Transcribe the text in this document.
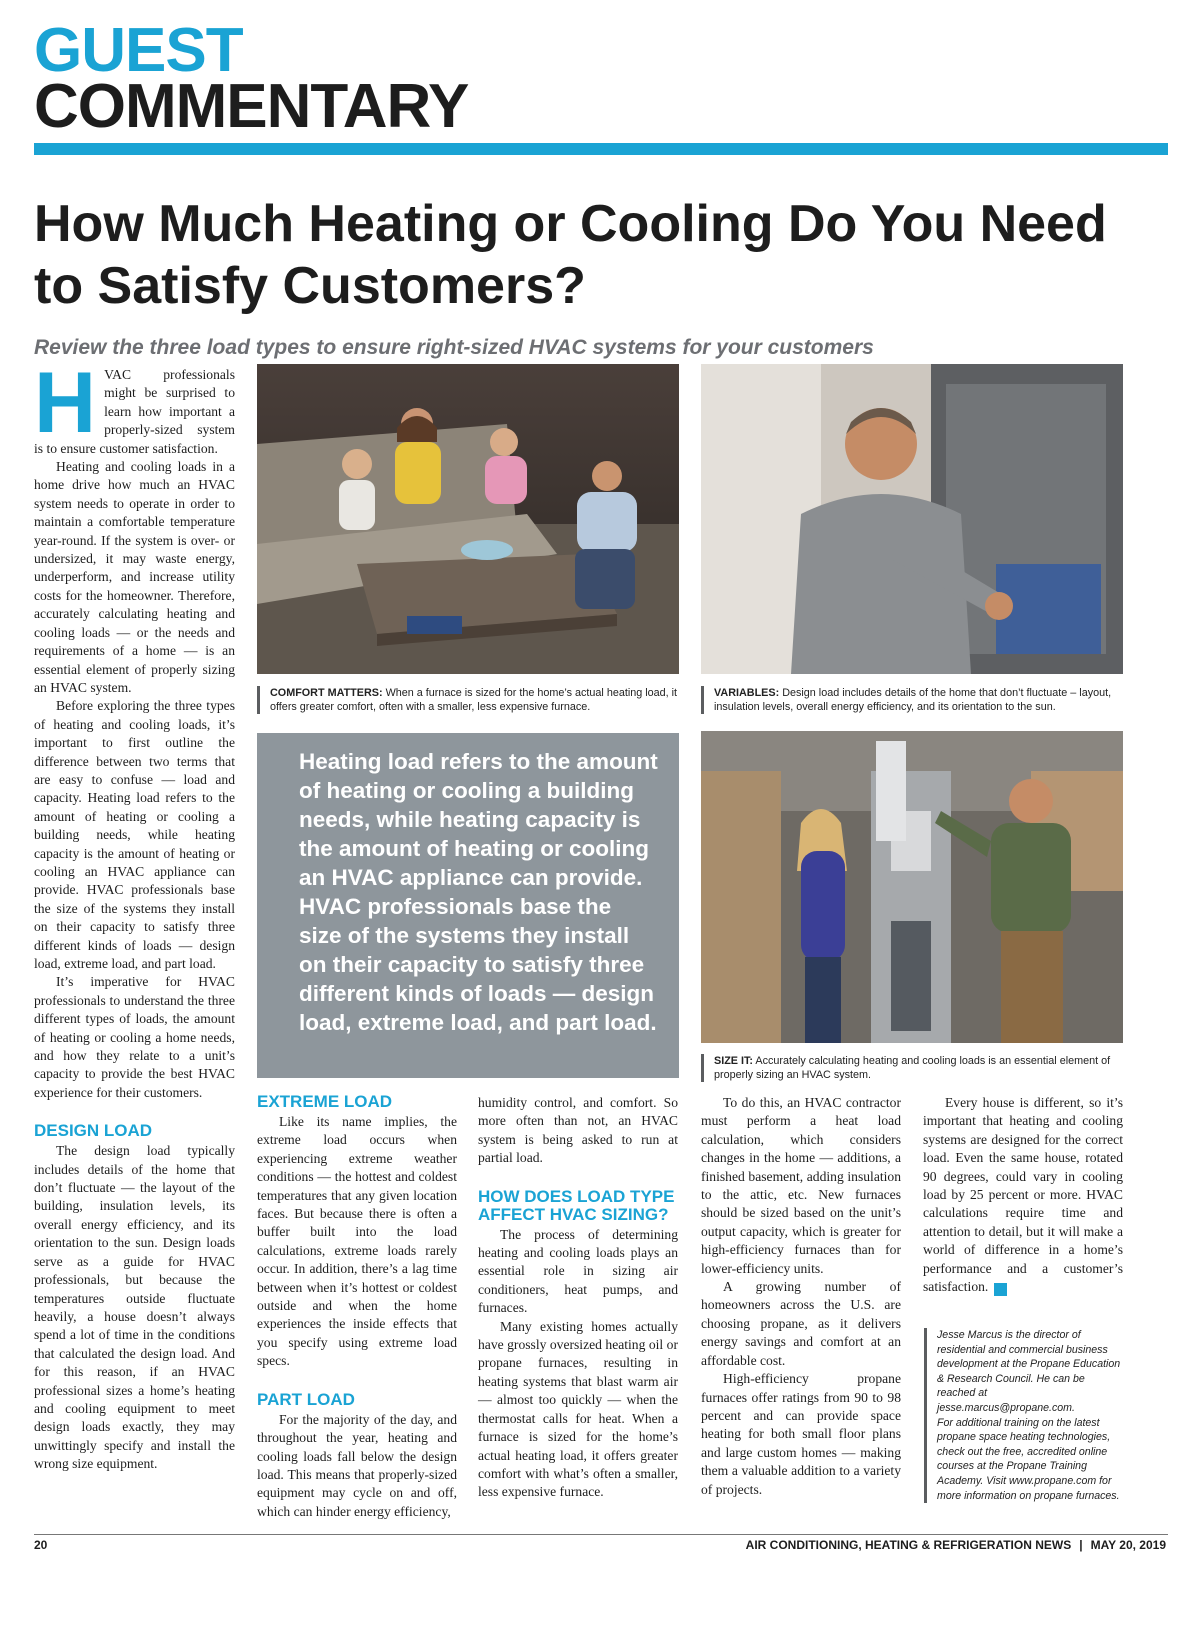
GUEST
COMMENTARY
How Much Heating or Cooling Do You Need to Satisfy Customers?
Review the three load types to ensure right-sized HVAC systems for your customers
H VAC professionals might be surprised to learn how important a properly-sized system is to ensure customer satisfaction.

Heating and cooling loads in a home drive how much an HVAC system needs to operate in order to maintain a comfortable temperature year-round. If the system is over- or undersized, it may waste energy, underperform, and increase utility costs for the homeowner. Therefore, accurately calculating heating and cooling loads — or the needs and requirements of a home — is an essential element of properly sizing an HVAC system.

Before exploring the three types of heating and cooling loads, it’s important to first outline the difference between two terms that are easy to confuse — load and capacity. Heating load refers to the amount of heating or cooling a building needs, while heating capacity is the amount of heating or cooling an HVAC appliance can provide. HVAC professionals base the size of the systems they install on their capacity to satisfy three different kinds of loads — design load, extreme load, and part load.

It’s imperative for HVAC professionals to understand the three different types of loads, the amount of heating or cooling a home needs, and how they relate to a unit’s capacity to provide the best HVAC experience for their customers.

DESIGN LOAD

The design load typically includes details of the home that don’t fluctuate — the layout of the building, insulation levels, its overall energy efficiency, and its orientation to the sun. Design loads serve as a guide for HVAC professionals, but because the temperatures outside fluctuate heavily, a house doesn’t always spend a lot of time in the conditions that calculated the design load. And for this reason, if an HVAC professional sizes a home’s heating and cooling equipment to meet design loads exactly, they may unwittingly specify and install the wrong size equipment.

COMFORT MATTERS: When a furnace is sized for the home’s actual heating load, it offers greater comfort, often with a smaller, less expensive furnace.
VARIABLES: Design load includes details of the home that don’t fluctuate – layout, insulation levels, overall energy efficiency, and its orientation to the sun.
Heating load refers to the amount of heating or cooling a building needs, while heating capacity is the amount of heating or cooling an HVAC appliance can provide. HVAC professionals base the size of the systems they install on their capacity to satisfy three different kinds of loads — design load, extreme load, and part load.
SIZE IT: Accurately calculating heating and cooling loads is an essential element of properly sizing an HVAC system.
EXTREME LOAD

Like its name implies, the extreme load occurs when experiencing extreme weather conditions — the hottest and coldest temperatures that any given location faces. But because there is often a buffer built into the load calculations, extreme loads rarely occur. In addition, there’s a lag time between when it’s hottest or coldest outside and when the home experiences the inside effects that you specify using extreme load specs.

PART LOAD

For the majority of the day, and throughout the year, heating and cooling loads fall below the design load. This means that properly-sized equipment may cycle on and off, which can hinder energy efficiency,

humidity control, and comfort. So more often than not, an HVAC system is being asked to run at partial load.

HOW DOES LOAD TYPE AFFECT HVAC SIZING?

The process of determining heating and cooling loads plays an essential role in sizing air conditioners, heat pumps, and furnaces.

Many existing homes actually have grossly oversized heating oil or propane furnaces, resulting in heating systems that blast warm air — almost too quickly — when the thermostat calls for heat. When a furnace is sized for the home’s actual heating load, it offers greater comfort with what’s often a smaller, less expensive furnace.

To do this, an HVAC contractor must perform a heat load calculation, which considers changes in the home — additions, a finished basement, adding insulation to the attic, etc. New furnaces should be sized based on the unit’s output capacity, which is greater for high-efficiency furnaces than for lower-efficiency units.

A growing number of homeowners across the U.S. are choosing propane, as it delivers energy savings and comfort at an affordable cost.

High-efficiency propane furnaces offer ratings from 90 to 98 percent and can provide space heating for both small floor plans and large custom homes — making them a valuable addition to a variety of projects.

Every house is different, so it’s important that heating and cooling systems are designed for the correct load. Even the same house, rotated 90 degrees, could vary in cooling load by 25 percent or more. HVAC calculations require time and attention to detail, but it will make a world of difference in a home’s performance and a customer’s satisfaction.	N

Jesse Marcus is the director of residential and commercial business development at the Propane Education & Research Council. He can be reached at jesse.marcus@propane.com.
For additional training on the latest propane space heating technologies, check out the free, accredited online courses at the Propane Training Academy. Visit www.propane.com for more information on propane furnaces.
20	AIR CONDITIONING, HEATING & REFRIGERATION NEWS | MAY 20, 2019
